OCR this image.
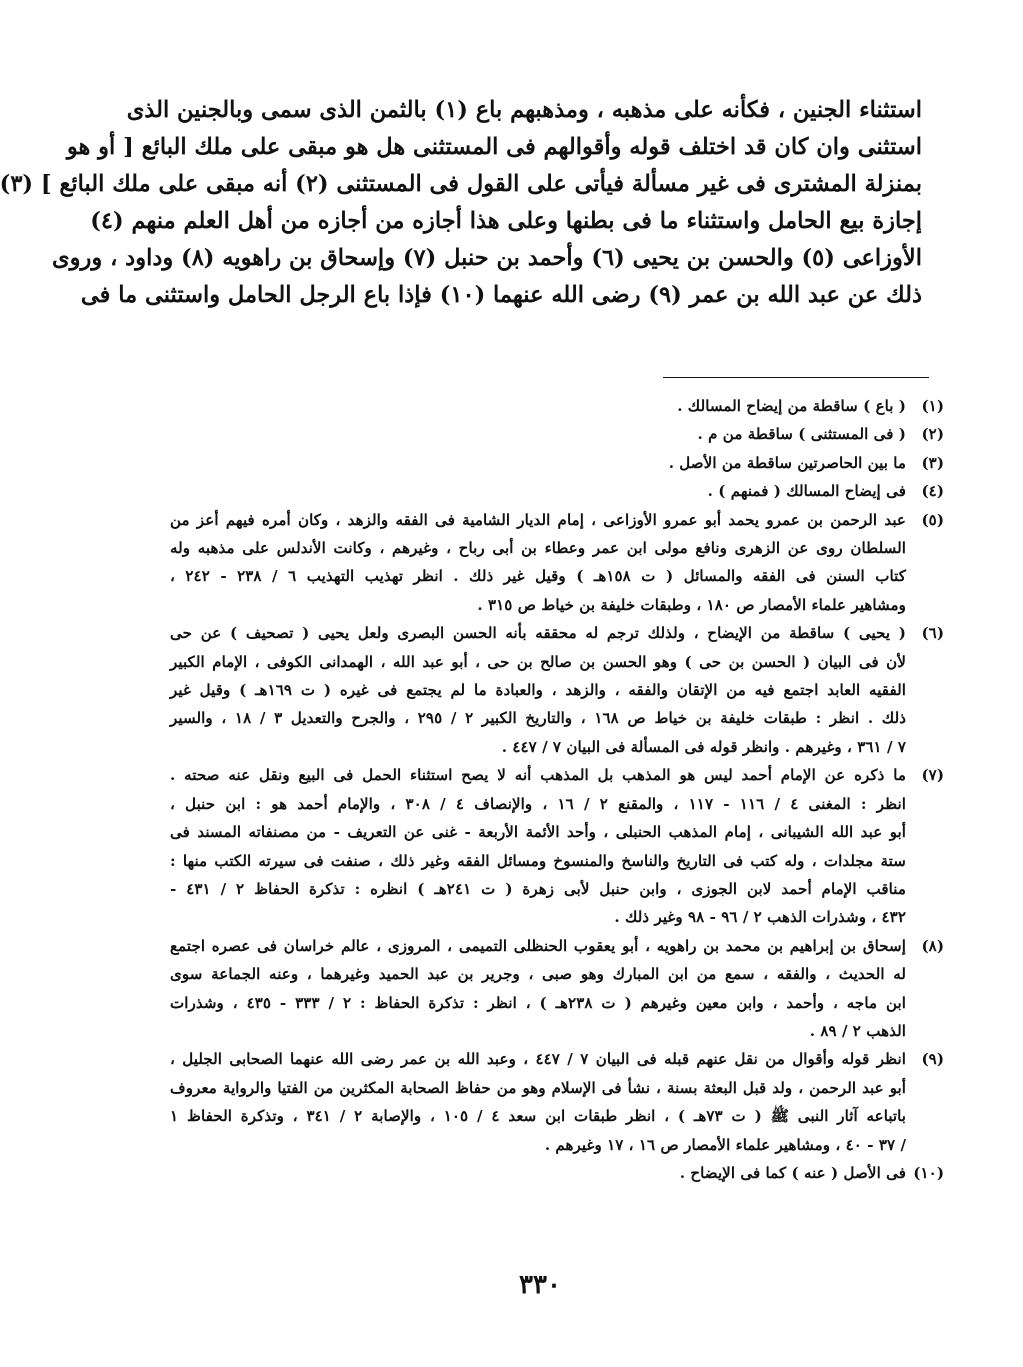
استثناء الجنين ، فكأنه على مذهبه ، ومذهبهم باع (١) بالثمن الذى سمى وبالجنين الذى
استثنى وان كان قد اختلف قوله وأقوالهم فى المستثنى هل هو مبقى على ملك البائع [ أو هو
بمنزلة المشترى فى غير مسألة فيأتى على القول فى المستثنى (٢) أنه مبقى على ملك البائع ] (٣)
إجازة بيع الحامل واستثناء ما فى بطنها وعلى هذا أجازه من أجازه من أهل العلم منهم (٤)
الأوزاعى (٥) والحسن بن يحيى (٦) وأحمد بن حنبل (٧) وإسحاق بن راهويه (٨) وداود ، وروى
ذلك عن عبد الله بن عمر (٩) رضى الله عنهما (١٠) فإذا باع الرجل الحامل واستثنى ما فى
(١)
( باع ) ساقطة من إيضاح المسالك .
(٢)
( فى المستثنى ) ساقطة من م .
(٣)
ما بين الحاصرتين ساقطة من الأصل .
(٤)
فى إيضاح المسالك ( فمنهم ) .
(٥)
عبد الرحمن بن عمرو يحمد أبو عمرو الأوزاعى ، إمام الديار الشامية فى الفقه والزهد ، وكان أمره فيهم أعز من
السلطان روى عن الزهرى ونافع مولى ابن عمر وعطاء بن أبى رباح ، وغيرهم ، وكانت الأندلس على مذهبه وله
كتاب السنن فى الفقه والمسائل ( ت ١٥٨هـ ) وقيل غير ذلك . انظر تهذيب التهذيب ٦ / ٢٣٨ - ٢٤٢ ،
ومشاهير علماء الأمصار ص ١٨٠ ، وطبقات خليفة بن خياط ص ٣١٥ .
(٦)
( يحيى ) ساقطة من الإيضاح ، ولذلك ترجم له محققه بأنه الحسن البصرى ولعل يحيى ( تصحيف ) عن حى
لأن فى البيان ( الحسن بن حى ) وهو الحسن بن صالح بن حى ، أبو عبد الله ، الهمدانى الكوفى ، الإمام الكبير
الفقيه العابد اجتمع فيه من الإتقان والفقه ، والزهد ، والعبادة ما لم يجتمع فى غيره ( ت ١٦٩هـ ) وقيل غير
ذلك . انظر : طبقات خليفة بن خياط ص ١٦٨ ، والتاريخ الكبير ٢ / ٢٩٥ ، والجرح والتعديل ٣ / ١٨ ، والسير
٧ / ٣٦١ ، وغيرهم . وانظر قوله فى المسألة فى البيان ٧ / ٤٤٧ .
(٧)
ما ذكره عن الإمام أحمد ليس هو المذهب بل المذهب أنه لا يصح استثناء الحمل فى البيع ونقل عنه صحته .
انظر : المغنى ٤ / ١١٦ - ١١٧ ، والمقنع ٢ / ١٦ ، والإنصاف ٤ / ٣٠٨ ، والإمام أحمد هو : ابن حنبل ،
أبو عبد الله الشيبانى ، إمام المذهب الحنبلى ، وأحد الأئمة الأربعة - غنى عن التعريف - من مصنفاته المسند فى
ستة مجلدات ، وله كتب فى التاريخ والناسخ والمنسوخ ومسائل الفقه وغير ذلك ، صنفت فى سيرته الكتب منها :
مناقب الإمام أحمد لابن الجوزى ، وابن حنبل لأبى زهرة ( ت ٢٤١هـ ) انظره : تذكرة الحفاظ ٢ / ٤٣١ -
٤٣٢ ، وشذرات الذهب ٢ / ٩٦ - ٩٨ وغير ذلك .
(٨)
إسحاق بن إبراهيم بن محمد بن راهويه ، أبو يعقوب الحنظلى التميمى ، المروزى ، عالم خراسان فى عصره اجتمع
له الحديث ، والفقه ، سمع من ابن المبارك وهو صبى ، وجرير بن عبد الحميد وغيرهما ، وعنه الجماعة سوى
ابن ماجه ، وأحمد ، وابن معين وغيرهم ( ت ٢٣٨هـ ) ، انظر : تذكرة الحفاظ : ٢ / ٣٣٣ - ٤٣٥ ، وشذرات
الذهب ٢ / ٨٩ .
(٩)
انظر قوله وأقوال من نقل عنهم قبله فى البيان ٧ / ٤٤٧ ، وعبد الله بن عمر رضى الله عنهما الصحابى الجليل ،
أبو عبد الرحمن ، ولد قبل البعثة بسنة ، نشأ فى الإسلام وهو من حفاظ الصحابة المكثرين من الفتيا والرواية معروف
باتباعه آثار النبى ﷺ ( ت ٧٣هـ ) ، انظر طبقات ابن سعد ٤ / ١٠٥ ، والإصابة ٢ / ٣٤١ ، وتذكرة الحفاظ ١
/ ٣٧ - ٤٠ ، ومشاهير علماء الأمصار ص ١٦ ، ١٧ وغيرهم .
(١٠)
فى الأصل ( عنه ) كما فى الإيضاح .
٣٣٠
